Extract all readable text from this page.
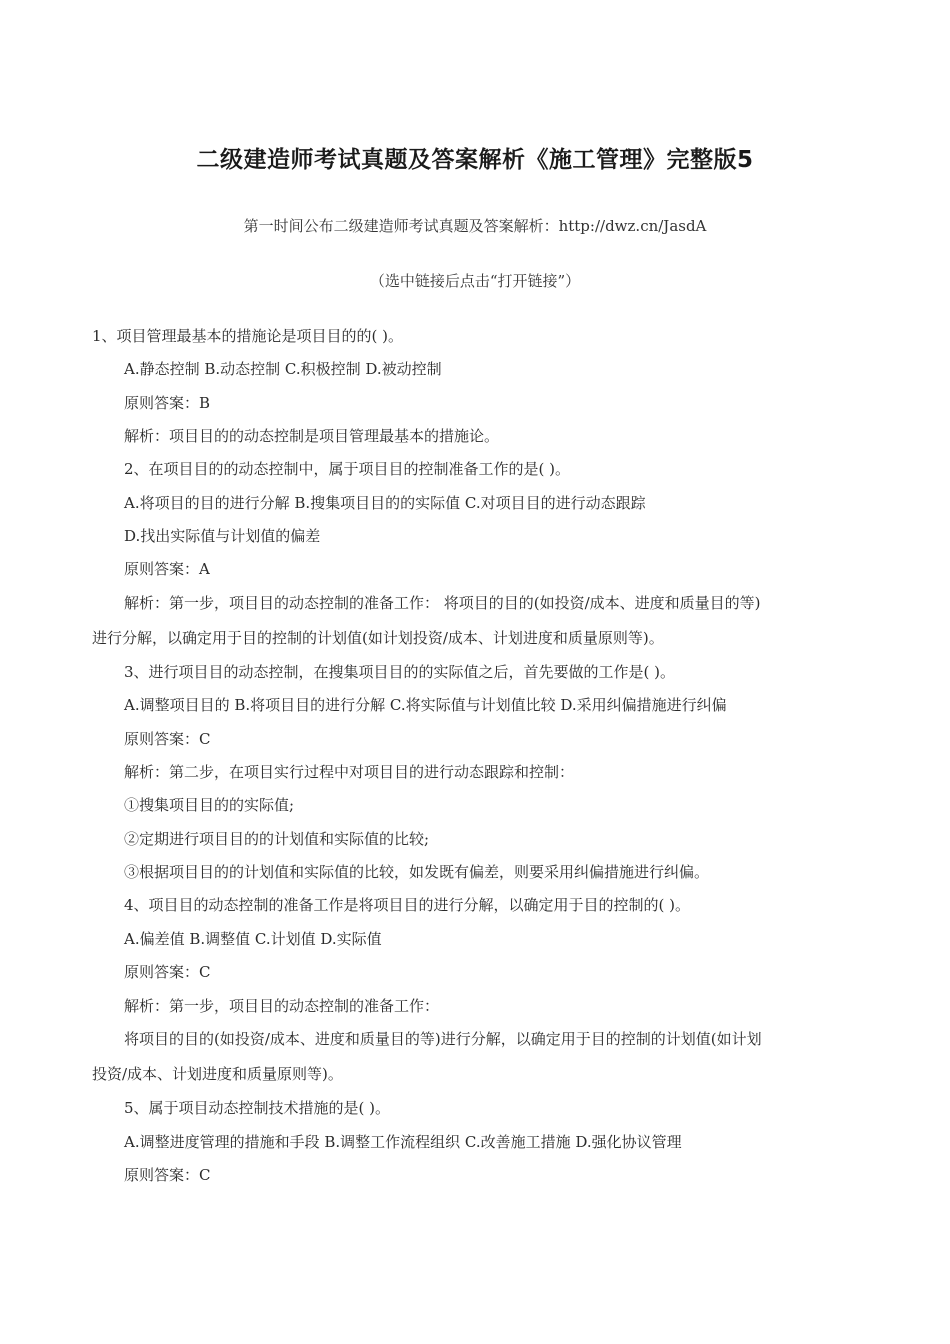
二级建造师考试真题及答案解析《施工管理》完整版5
第一时间公布二级建造师考试真题及答案解析：http://dwz.cn/JasdA
（选中链接后点击“打开链接”）
1、项目管理最基本的措施论是项目目的的( )。
A.静态控制 B.动态控制 C.积极控制 D.被动控制
原则答案：B
解析：项目目的的动态控制是项目管理最基本的措施论。
2、在项目目的的动态控制中，属于项目目的控制准备工作的是( )。
A.将项目的目的进行分解 B.搜集项目目的的实际值 C.对项目目的进行动态跟踪
D.找出实际值与计划值的偏差
原则答案：A
解析：第一步，项目目的动态控制的准备工作： 将项目的目的(如投资/成本、进度和质量目的等)
进行分解，以确定用于目的控制的计划值(如计划投资/成本、计划进度和质量原则等)。
3、进行项目目的动态控制，在搜集项目目的的实际值之后，首先要做的工作是( )。
A.调整项目目的 B.将项目目的进行分解 C.将实际值与计划值比较 D.采用纠偏措施进行纠偏
原则答案：C
解析：第二步，在项目实行过程中对项目目的进行动态跟踪和控制：
①搜集项目目的的实际值;
②定期进行项目目的的计划值和实际值的比较;
③根据项目目的的计划值和实际值的比较，如发既有偏差，则要采用纠偏措施进行纠偏。
4、项目目的动态控制的准备工作是将项目目的进行分解，以确定用于目的控制的( )。
A.偏差值 B.调整值 C.计划值 D.实际值
原则答案：C
解析：第一步，项目目的动态控制的准备工作：
将项目的目的(如投资/成本、进度和质量目的等)进行分解，以确定用于目的控制的计划值(如计划
投资/成本、计划进度和质量原则等)。
5、属于项目动态控制技术措施的是( )。
A.调整进度管理的措施和手段 B.调整工作流程组织 C.改善施工措施 D.强化协议管理
原则答案：C
